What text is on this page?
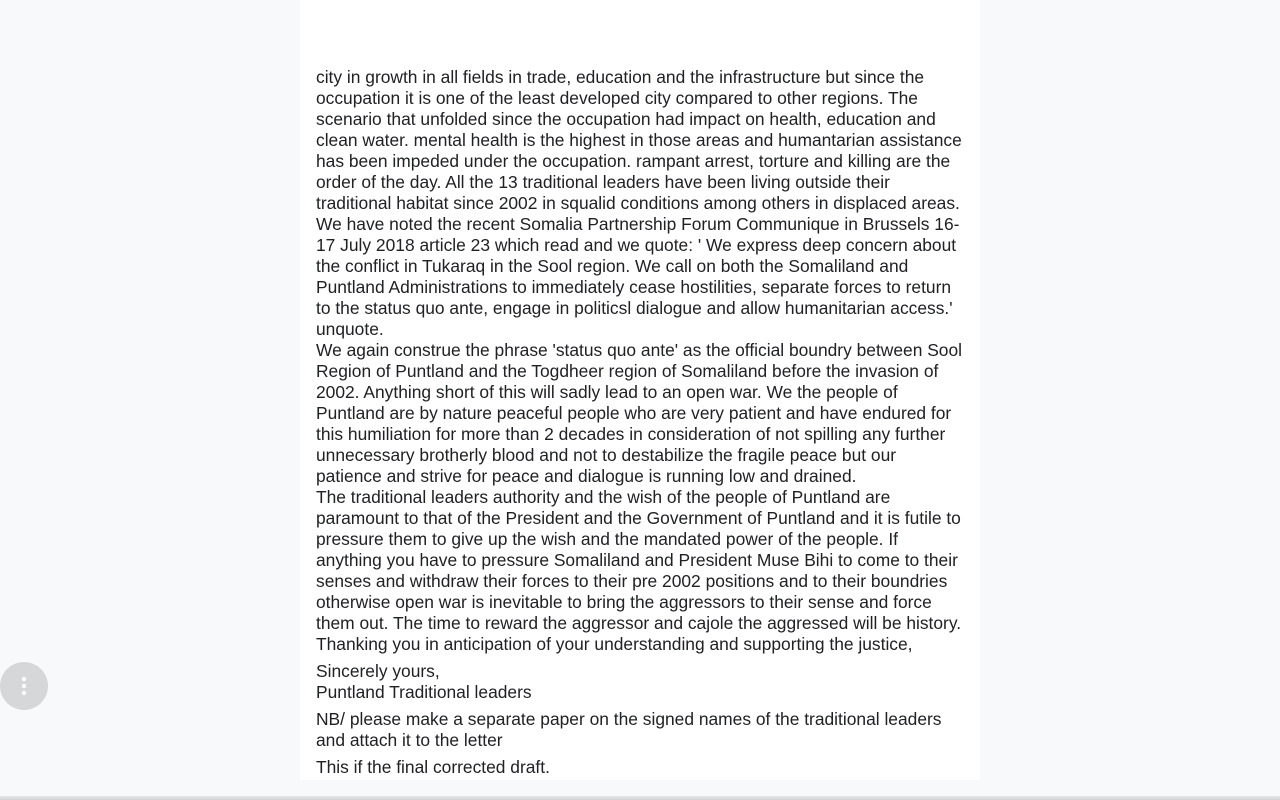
city in growth in all fields in trade, education and the infrastructure but since the occupation it is one of the least developed city compared to other regions. The scenario that unfolded since the occupation had impact on health, education and clean water. mental health is the highest in those areas and humantarian assistance has been impeded under the occupation. rampant arrest, torture and killing are the order of the day. All the 13 traditional leaders have been living outside their traditional habitat since 2002 in squalid conditions among others in displaced areas.

We have noted the recent Somalia Partnership Forum Communique in Brussels 16-17 July 2018 article 23 which read and we quote: ' We express deep concern about the conflict in Tukaraq in the Sool region. We call on both the Somaliland and Puntland Administrations to immediately cease hostilities, separate forces to return to the status quo ante, engage in politicsl dialogue and allow humanitarian access.' unquote.

We again construe the phrase 'status quo ante' as the official boundry between Sool Region of Puntland and the Togdheer region of Somaliland before the invasion of 2002. Anything short of this will sadly lead to an open war. We the people of Puntland are by nature peaceful people who are very patient and have endured for this humiliation for more than 2 decades in consideration of not spilling any further unnecessary brotherly blood and not to destabilize the fragile peace but our patience and strive for peace and dialogue is running low and drained.

The traditional leaders authority and the wish of the people of Puntland are paramount to that of the President and the Government of Puntland and it is futile to pressure them to give up the wish and the mandated power of the people. If anything you have to pressure Somaliland and President Muse Bihi to come to their senses and withdraw their forces to their pre 2002 positions and to their boundries otherwise open war is inevitable to bring the aggressors to their sense and force them out. The time to reward the aggressor and cajole the aggressed will be history.

Thanking you in anticipation of your understanding and supporting the justice,

Sincerely yours,

Puntland Traditional leaders

NB/ please make a separate paper on the signed names of the traditional leaders and attach it to the letter

This if the final corrected draft.
